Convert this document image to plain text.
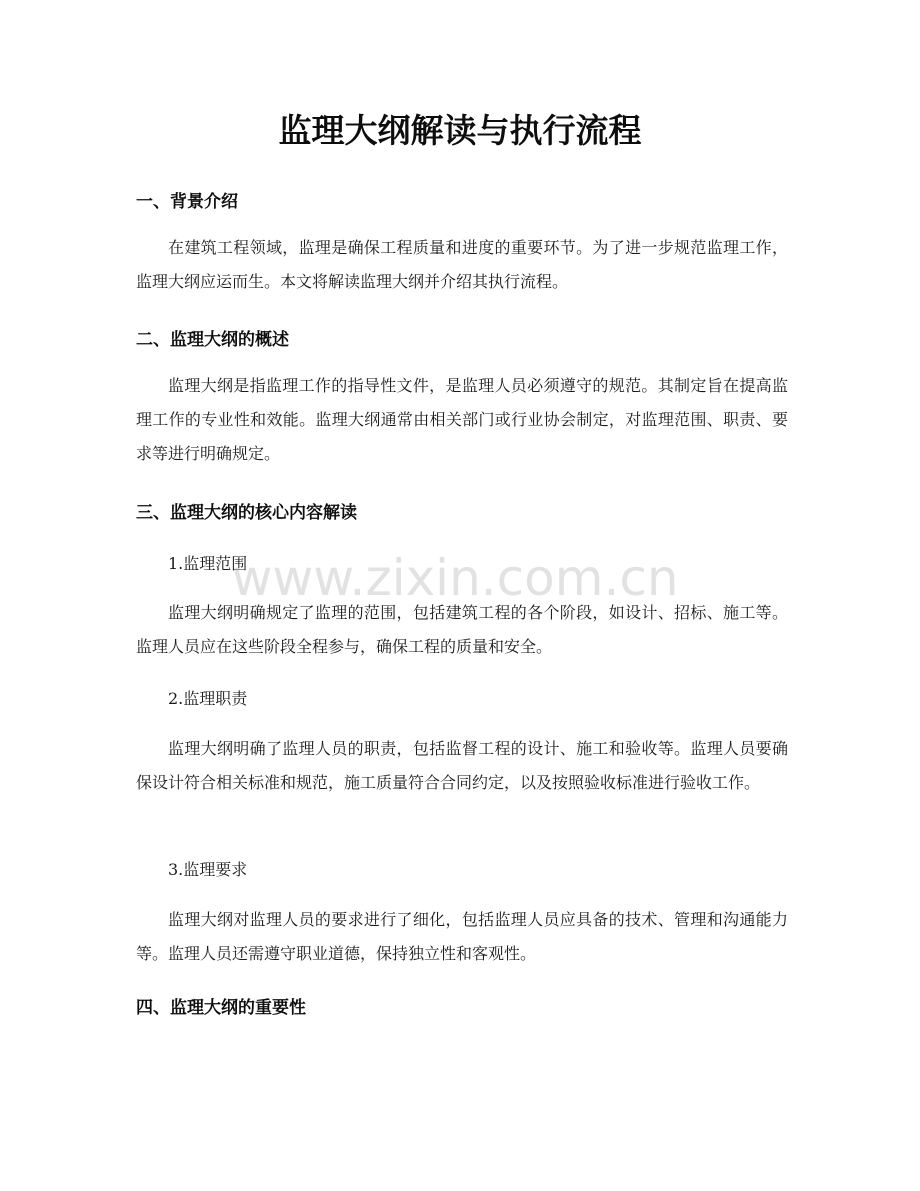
监理大纲解读与执行流程
一、背景介绍

在建筑工程领域，监理是确保工程质量和进度的重要环节。为了进一步规范监理工作，监理大纲应运而生。本文将解读监理大纲并介绍其执行流程。

二、监理大纲的概述

监理大纲是指监理工作的指导性文件，是监理人员必须遵守的规范。其制定旨在提高监理工作的专业性和效能。监理大纲通常由相关部门或行业协会制定，对监理范围、职责、要求等进行明确规定。

三、监理大纲的核心内容解读

1.监理范围

监理大纲明确规定了监理的范围，包括建筑工程的各个阶段，如设计、招标、施工等。监理人员应在这些阶段全程参与，确保工程的质量和安全。

2.监理职责

监理大纲明确了监理人员的职责，包括监督工程的设计、施工和验收等。监理人员要确保设计符合相关标准和规范，施工质量符合合同约定，以及按照验收标准进行验收工作。

3.监理要求

监理大纲对监理人员的要求进行了细化，包括监理人员应具备的技术、管理和沟通能力等。监理人员还需遵守职业道德，保持独立性和客观性。

四、监理大纲的重要性
www.zixin.com.cn
